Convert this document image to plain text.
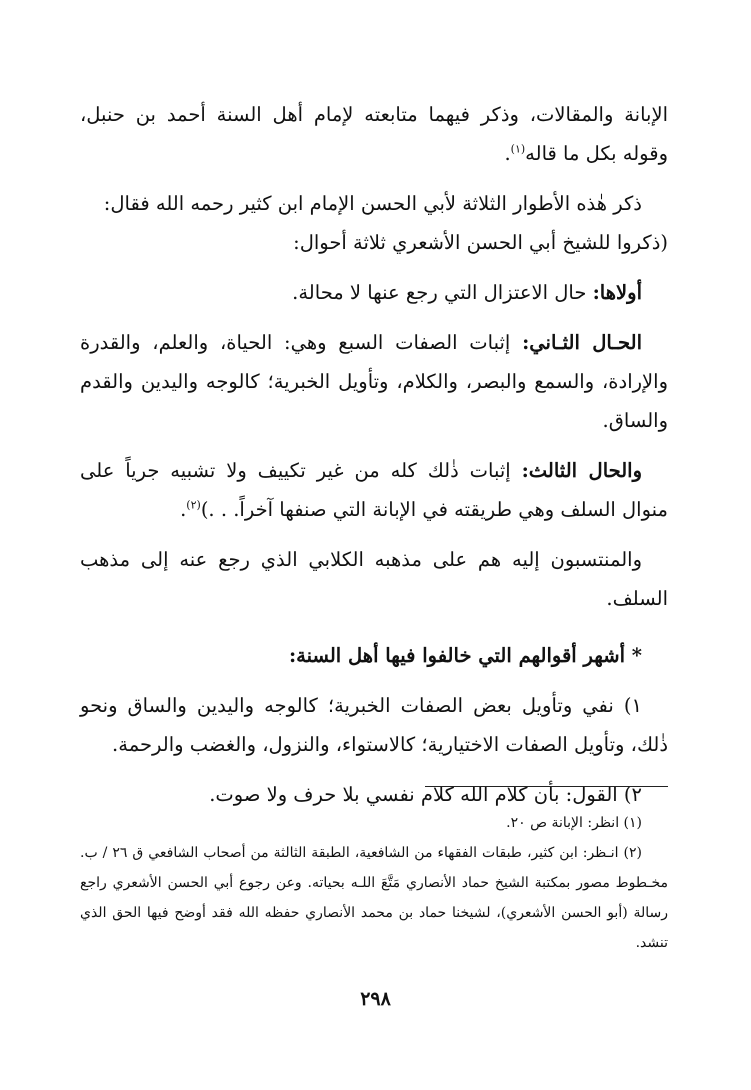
الإبانة والمقالات، وذكر فيهما متابعته لإمام أهل السنة أحمد بن حنبل، وقوله بكل ما قاله$^{(١)}$.

ذكر هٰذه الأطوار الثلاثة لأبي الحسن الإمام ابن كثير رحمه الله فقال:
(ذكروا للشيخ أبي الحسن الأشعري ثلاثة أحوال:

أولاها: حال الاعتزال التي رجع عنها لا محالة.

الحـال الثـاني: إثبات الصفات السبع وهي: الحياة، والعلم، والقدرة والإرادة، والسمع والبصر، والكلام، وتأويل الخبرية؛ كالوجه واليدين والقدم والساق.

والحال الثالث: إثبات ذٰلك كله من غير تكييف ولا تشبيه جرياً على منوال السلف وهي طريقته في الإبانة التي صنفها آخراً. . .)$^{(٢)}$.

والمنتسبون إليه هم على مذهبه الكلابي الذي رجع عنه إلى مذهب السلف.

* أشهر أقوالهم التي خالفوا فيها أهل السنة:

١) نفي وتأويل بعض الصفات الخبرية؛ كالوجه واليدين والساق ونحو ذٰلك، وتأويل الصفات الاختيارية؛ كالاستواء، والنزول، والغضب والرحمة.

٢) القول: بأن كلام الله كلام نفسي بلا حرف ولا صوت.

(١) انظر: الإبانة ص ٢٠.

(٢) انـظر: ابن كثير، طبقات الفقهاء من الشافعية، الطبقة الثالثة من أصحاب الشافعي ق ٢٦ / ب. مخـطوط مصور بمكتبة الشيخ حماد الأنصاري مَتَّعَ اللـه بحياته. وعن رجوع أبي الحسن الأشعري راجع رسالة (أبو الحسن الأشعري)، لشيخنا حماد بن محمد الأنصاري حفظه الله فقد أوضح فيها الحق الذي تنشد.

٢٩٨
